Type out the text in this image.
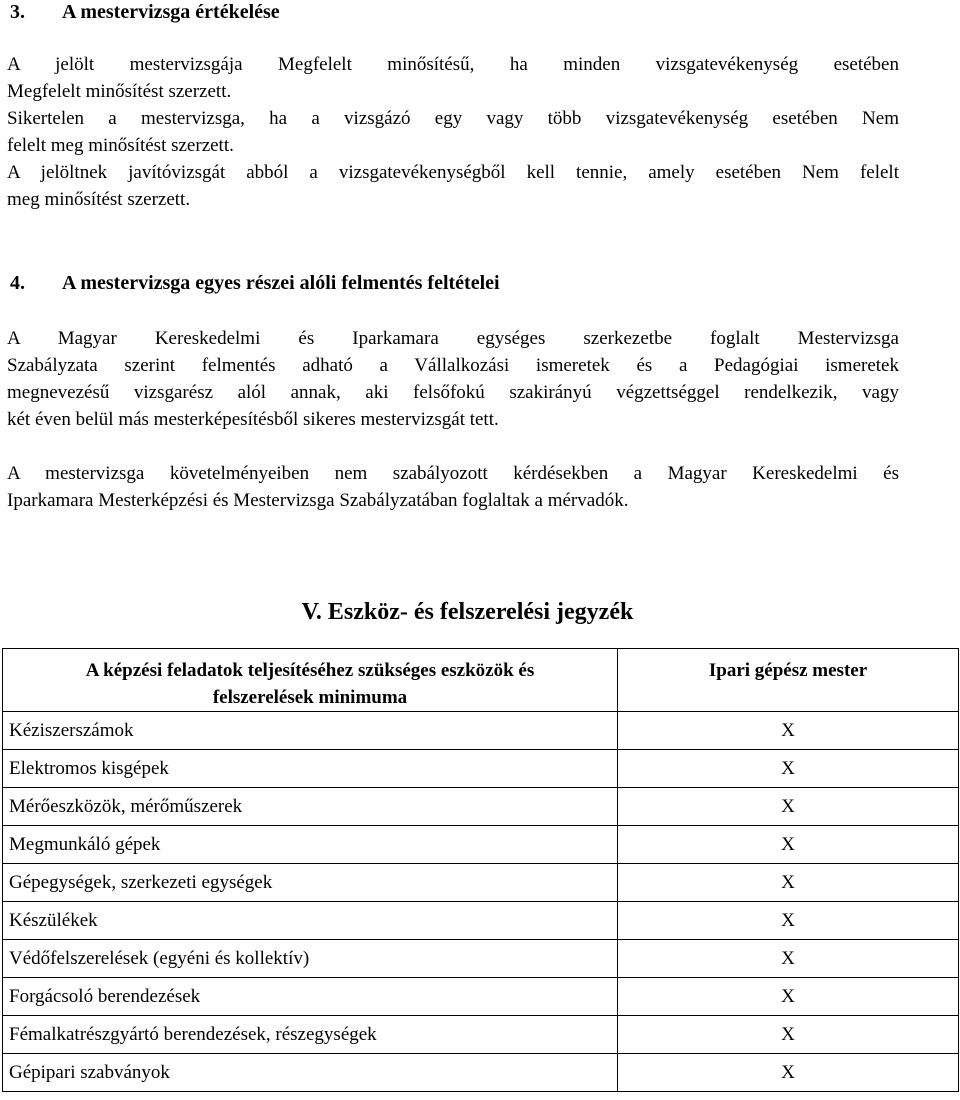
3. A mestervizsga értékelése
A jelölt mestervizsgája Megfelelt minősítésű, ha minden vizsgatevékenység esetében
Megfelelt minősítést szerzett.
Sikertelen a mestervizsga, ha a vizsgázó egy vagy több vizsgatevékenység esetében Nem
felelt meg minősítést szerzett.
A jelöltnek javítóvizsgát abból a vizsgatevékenységből kell tennie, amely esetében Nem felelt
meg minősítést szerzett.
4. A mestervizsga egyes részei alóli felmentés feltételei
A Magyar Kereskedelmi és Iparkamara egységes szerkezetbe foglalt Mestervizsga
Szabályzata szerint felmentés adható a Vállalkozási ismeretek és a Pedagógiai ismeretek
megnevezésű vizsgarész alól annak, aki felsőfokú szakirányú végzettséggel rendelkezik, vagy
két éven belül más mesterképesítésből sikeres mestervizsgát tett.
A mestervizsga követelményeiben nem szabályozott kérdésekben a Magyar Kereskedelmi és
Iparkamara Mesterképzési és Mestervizsga Szabályzatában foglaltak a mérvadók.
V. Eszköz- és felszerelési jegyzék
A képzési feladatok teljesítéséhez szükséges eszközök és
felszerelések minimuma	Ipari gépész mester
Kéziszerszámok	X
Elektromos kisgépek	X
Mérőeszközök, mérőműszerek	X
Megmunkáló gépek	X
Gépegységek, szerkezeti egységek	X
Készülékek	X
Védőfelszerelések (egyéni és kollektív)	X
Forgácsoló berendezések	X
Fémalkatrészgyártó berendezések, részegységek	X
Gépipari szabványok	X
